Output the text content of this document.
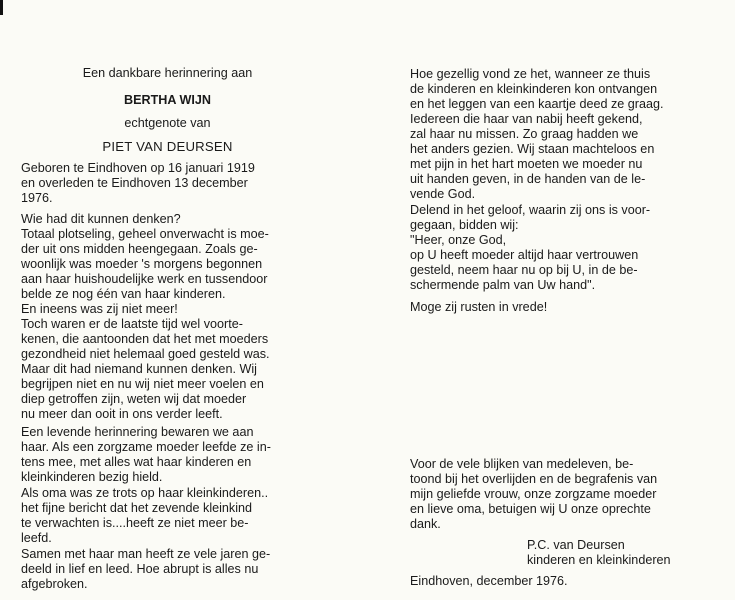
Een dankbare herinnering aan
BERTHA WIJN
echtgenote van
PIET VAN DEURSEN
Geboren te Eindhoven op 16 januari 1919
en overleden te Eindhoven 13 december
1976.
Wie had dit kunnen denken?
Totaal plotseling, geheel onverwacht is moe-
der uit ons midden heengegaan. Zoals ge-
woonlijk was moeder 's morgens begonnen
aan haar huishoudelijke werk en tussendoor
belde ze nog één van haar kinderen.
En ineens was zij niet meer!
Toch waren er de laatste tijd wel voorte-
kenen, die aantoonden dat het met moeders
gezondheid niet helemaal goed gesteld was.
Maar dit had niemand kunnen denken. Wij
begrijpen niet en nu wij niet meer voelen en
diep getroffen zijn, weten wij dat moeder
nu meer dan ooit in ons verder leeft.
Een levende herinnering bewaren we aan
haar. Als een zorgzame moeder leefde ze in-
tens mee, met alles wat haar kinderen en
kleinkinderen bezig hield.
Als oma was ze trots op haar kleinkinderen..
het fijne bericht dat het zevende kleinkind
te verwachten is....heeft ze niet meer be-
leefd.
Samen met haar man heeft ze vele jaren ge-
deeld in lief en leed. Hoe abrupt is alles nu
afgebroken.
Hoe gezellig vond ze het, wanneer ze thuis
de kinderen en kleinkinderen kon ontvangen
en het leggen van een kaartje deed ze graag.
Iedereen die haar van nabij heeft gekend,
zal haar nu missen. Zo graag hadden we
het anders gezien. Wij staan machteloos en
met pijn in het hart moeten we moeder nu
uit handen geven, in de handen van de le-
vende God.
Delend in het geloof, waarin zij ons is voor-
gegaan, bidden wij:
"Heer, onze God,
op U heeft moeder altijd haar vertrouwen
gesteld, neem haar nu op bij U, in de be-
schermende palm van Uw hand".
Moge zij rusten in vrede!
Voor de vele blijken van medeleven, be-
toond bij het overlijden en de begrafenis van
mijn geliefde vrouw, onze zorgzame moeder
en lieve oma, betuigen wij U onze oprechte
dank.
P.C. van Deursen
kinderen en kleinkinderen
Eindhoven, december 1976.
